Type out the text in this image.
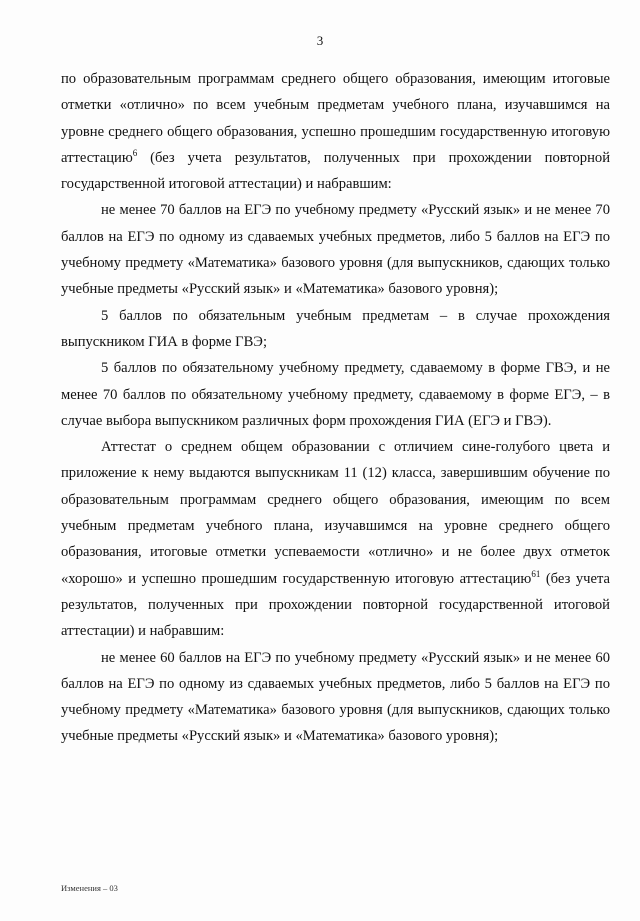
3

по образовательным программам среднего общего образования, имеющим итоговые отметки «отлично» по всем учебным предметам учебного плана, изучавшимся на уровне среднего общего образования, успешно прошедшим государственную итоговую аттестацию$^6$ (без учета результатов, полученных при прохождении повторной государственной итоговой аттестации) и набравшим:

не менее 70 баллов на ЕГЭ по учебному предмету «Русский язык» и не менее 70 баллов на ЕГЭ по одному из сдаваемых учебных предметов, либо 5 баллов на ЕГЭ по учебному предмету «Математика» базового уровня (для выпускников, сдающих только учебные предметы «Русский язык» и «Математика» базового уровня);

5 баллов по обязательным учебным предметам – в случае прохождения выпускником ГИА в форме ГВЭ;

5 баллов по обязательному учебному предмету, сдаваемому в форме ГВЭ, и не менее 70 баллов по обязательному учебному предмету, сдаваемому в форме ЕГЭ, – в случае выбора выпускником различных форм прохождения ГИА (ЕГЭ и ГВЭ).

Аттестат о среднем общем образовании с отличием сине-голубого цвета и приложение к нему выдаются выпускникам 11 (12) класса, завершившим обучение по образовательным программам среднего общего образования, имеющим по всем учебным предметам учебного плана, изучавшимся на уровне среднего общего образования, итоговые отметки успеваемости «отлично» и не более двух отметок «хорошо» и успешно прошедшим государственную итоговую аттестацию$^{61}$ (без учета результатов, полученных при прохождении повторной государственной итоговой аттестации) и набравшим:

не менее 60 баллов на ЕГЭ по учебному предмету «Русский язык» и не менее 60 баллов на ЕГЭ по одному из сдаваемых учебных предметов, либо 5 баллов на ЕГЭ по учебному предмету «Математика» базового уровня (для выпускников, сдающих только учебные предметы «Русский язык» и «Математика» базового уровня);

Изменения – 03
